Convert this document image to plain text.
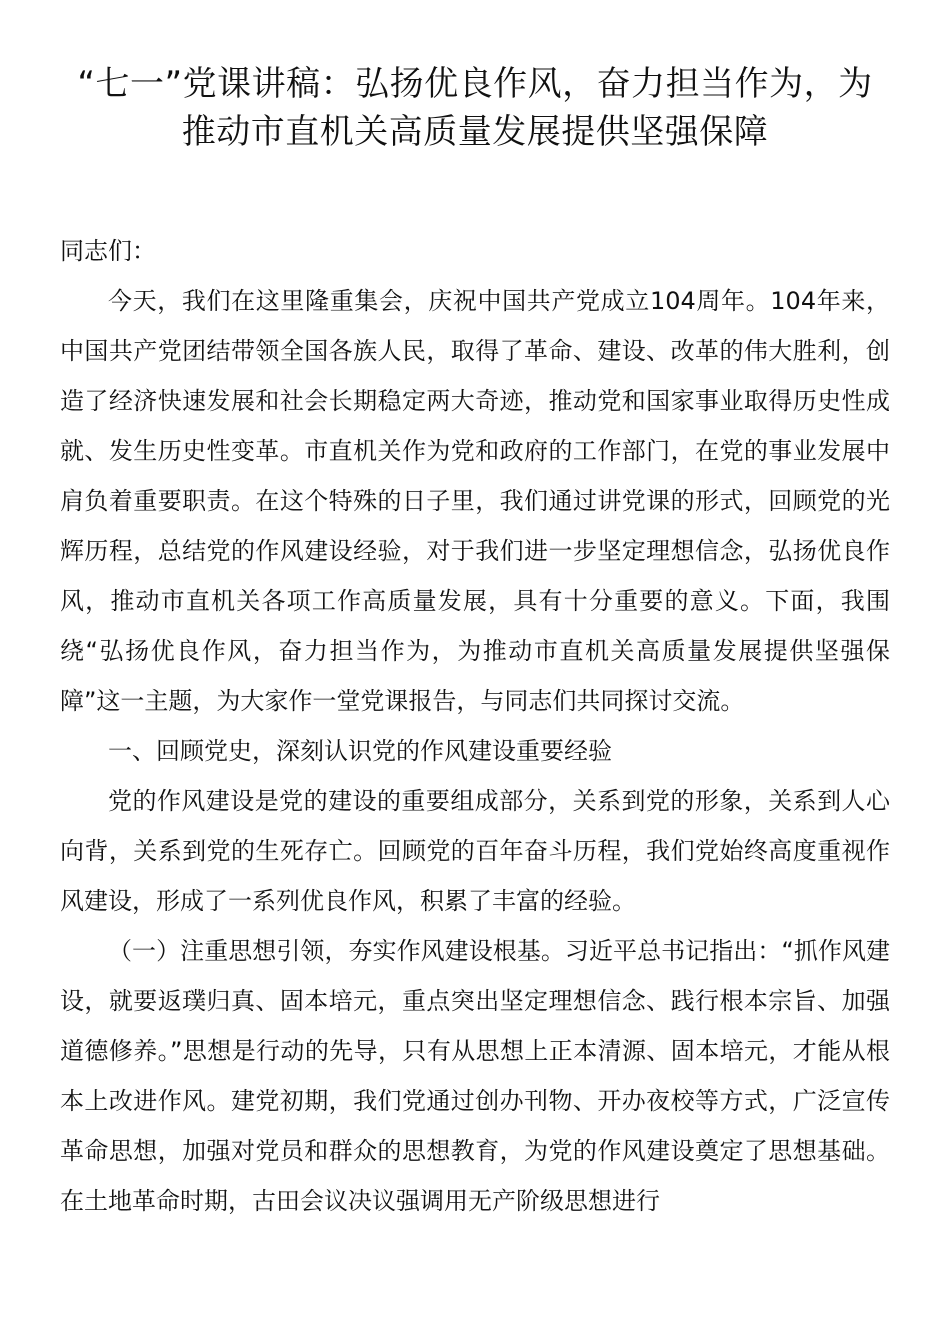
“七一”党课讲稿：弘扬优良作风，奋力担当作为，为推动市直机关高质量发展提供坚强保障

同志们：

今天，我们在这里隆重集会，庆祝中国共产党成立104周年。104年来，中国共产党团结带领全国各族人民，取得了革命、建设、改革的伟大胜利，创造了经济快速发展和社会长期稳定两大奇迹，推动党和国家事业取得历史性成就、发生历史性变革。市直机关作为党和政府的工作部门，在党的事业发展中肩负着重要职责。在这个特殊的日子里，我们通过讲党课的形式，回顾党的光辉历程，总结党的作风建设经验，对于我们进一步坚定理想信念，弘扬优良作风，推动市直机关各项工作高质量发展，具有十分重要的意义。下面，我围绕“弘扬优良作风，奋力担当作为，为推动市直机关高质量发展提供坚强保障”这一主题，为大家作一堂党课报告，与同志们共同探讨交流。

一、回顾党史，深刻认识党的作风建设重要经验

党的作风建设是党的建设的重要组成部分，关系到党的形象，关系到人心向背，关系到党的生死存亡。回顾党的百年奋斗历程，我们党始终高度重视作风建设，形成了一系列优良作风，积累了丰富的经验。

（一）注重思想引领，夯实作风建设根基。习近平总书记指出：“抓作风建设，就要返璞归真、固本培元，重点突出坚定理想信念、践行根本宗旨、加强道德修养。”思想是行动的先导，只有从思想上正本清源、固本培元，才能从根本上改进作风。建党初期，我们党通过创办刊物、开办夜校等方式，广泛宣传革命思想，加强对党员和群众的思想教育，为党的作风建设奠定了思想基础。在土地革命时期，古田会议决议强调用无产阶级思想进行
